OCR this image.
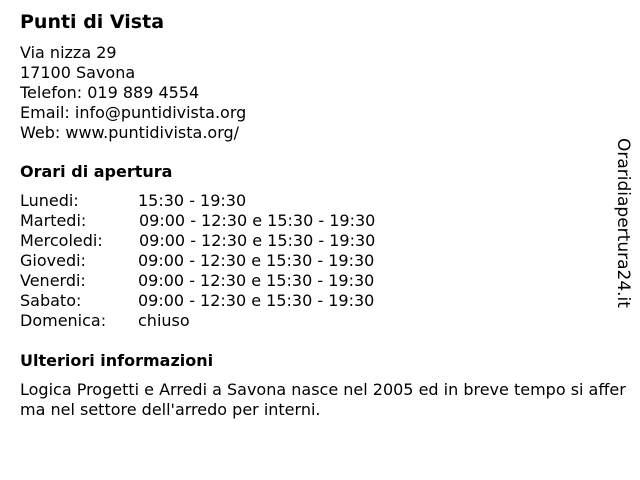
Punti di Vista
Via nizza 29
17100 Savona
Telefon: 019 889 4554
Email: info@puntidivista.org
Web: www.puntidivista.org/
Orari di apertura
Lunedi:	15:30 - 19:30
Martedi:	09:00 - 12:30 e 15:30 - 19:30
Mercoledi:	09:00 - 12:30 e 15:30 - 19:30
Giovedi:	09:00 - 12:30 e 15:30 - 19:30
Venerdi:	09:00 - 12:30 e 15:30 - 19:30
Sabato:	09:00 - 12:30 e 15:30 - 19:30
Domenica:	chiuso
Ulteriori informazioni
Logica Progetti e Arredi a Savona nasce nel 2005 ed in breve tempo si afferma nel settore dell'arredo per interni.
Oraridiapertura24.it
